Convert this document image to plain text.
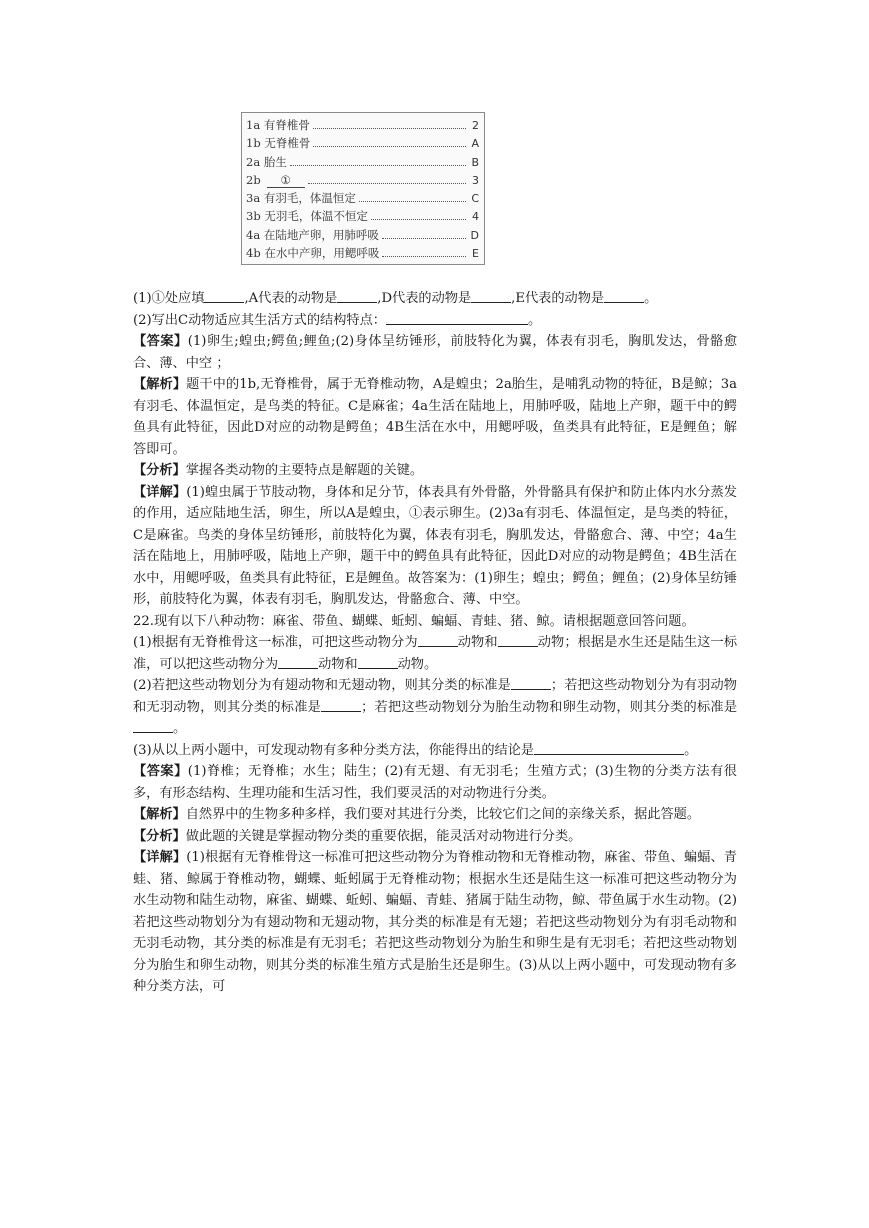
1a 有脊椎骨	2
1b 无脊椎骨	A
2a 胎生	B
2b	①	3
3a 有羽毛，体温恒定	C
3b 无羽毛，体温不恒定	4
4a 在陆地产卵，用肺呼吸	D
4b 在水中产卵，用鳃呼吸	E

(1)①处应填	,A代表的动物是	,D代表的动物是	,E代表的动物是	。

(2)写出C动物适应其生活方式的结构特点：	。

【答案】(1)卵生;蝗虫;鳄鱼;鲤鱼;(2)身体呈纺锤形，前肢特化为翼，体表有羽毛，胸肌发达，骨骼愈合、薄、中空 ；

【解析】题干中的1b,无脊椎骨，属于无脊椎动物，A是蝗虫；2a胎生，是哺乳动物的特征，B是鲸；3a有羽毛、体温恒定，是鸟类的特征。C是麻雀；4a生活在陆地上，用肺呼吸，陆地上产卵，题干中的鳄鱼具有此特征，因此D对应的动物是鳄鱼；4B生活在水中，用鳃呼吸，鱼类具有此特征，E是鲤鱼；解答即可。

【分析】掌握各类动物的主要特点是解题的关键。

【详解】(1)蝗虫属于节肢动物，身体和足分节，体表具有外骨骼，外骨骼具有保护和防止体内水分蒸发的作用，适应陆地生活，卵生，所以A是蝗虫，①表示卵生。(2)3a有羽毛、体温恒定，是鸟类的特征，C是麻雀。鸟类的身体呈纺锤形，前肢特化为翼，体表有羽毛，胸肌发达，骨骼愈合、薄、中空；4a生活在陆地上，用肺呼吸，陆地上产卵，题干中的鳄鱼具有此特征，因此D对应的动物是鳄鱼；4B生活在水中，用鳃呼吸，鱼类具有此特征，E是鲤鱼。故答案为：(1)卵生；蝗虫；鳄鱼；鲤鱼；(2)身体呈纺锤形，前肢特化为翼，体表有羽毛，胸肌发达，骨骼愈合、薄、中空。

22.现有以下八种动物：麻雀、带鱼、蝴蝶、蚯蚓、蝙蝠、青蛙、猪、鲸。请根据题意回答问题。

(1)根据有无脊椎骨这一标准，可把这些动物分为	动物和	动物；根据是水生还是陆生这一标准，可以把这些动物分为	动物和	动物。

(2)若把这些动物划分为有翅动物和无翅动物，则其分类的标准是	；若把这些动物划分为有羽动物和无羽动物，则其分类的标准是	；若把这些动物划分为胎生动物和卵生动物，则其分类的标准是。

(3)从以上两小题中，可发现动物有多种分类方法，你能得出的结论是	。

【答案】(1)脊椎；无脊椎；水生；陆生；(2)有无翅、有无羽毛；生殖方式；(3)生物的分类方法有很多，有形态结构、生理功能和生活习性，我们要灵活的对动物进行分类。

【解析】自然界中的生物多种多样，我们要对其进行分类，比较它们之间的亲缘关系，据此答题。

【分析】做此题的关键是掌握动物分类的重要依据，能灵活对动物进行分类。

【详解】(1)根据有无脊椎骨这一标准可把这些动物分为脊椎动物和无脊椎动物，麻雀、带鱼、蝙蝠、青蛙、猪、鲸属于脊椎动物，蝴蝶、蚯蚓属于无脊椎动物；根据水生还是陆生这一标准可把这些动物分为水生动物和陆生动物，麻雀、蝴蝶、蚯蚓、蝙蝠、青蛙、猪属于陆生动物，鲸、带鱼属于水生动物。(2)若把这些动物划分为有翅动物和无翅动物，其分类的标准是有无翅；若把这些动物划分为有羽毛动物和无羽毛动物，其分类的标准是有无羽毛；若把这些动物划分为胎生和卵生是有无羽毛；若把这些动物划分为胎生和卵生动物，则其分类的标准生殖方式是胎生还是卵生。(3)从以上两小题中，可发现动物有多种分类方法，可
